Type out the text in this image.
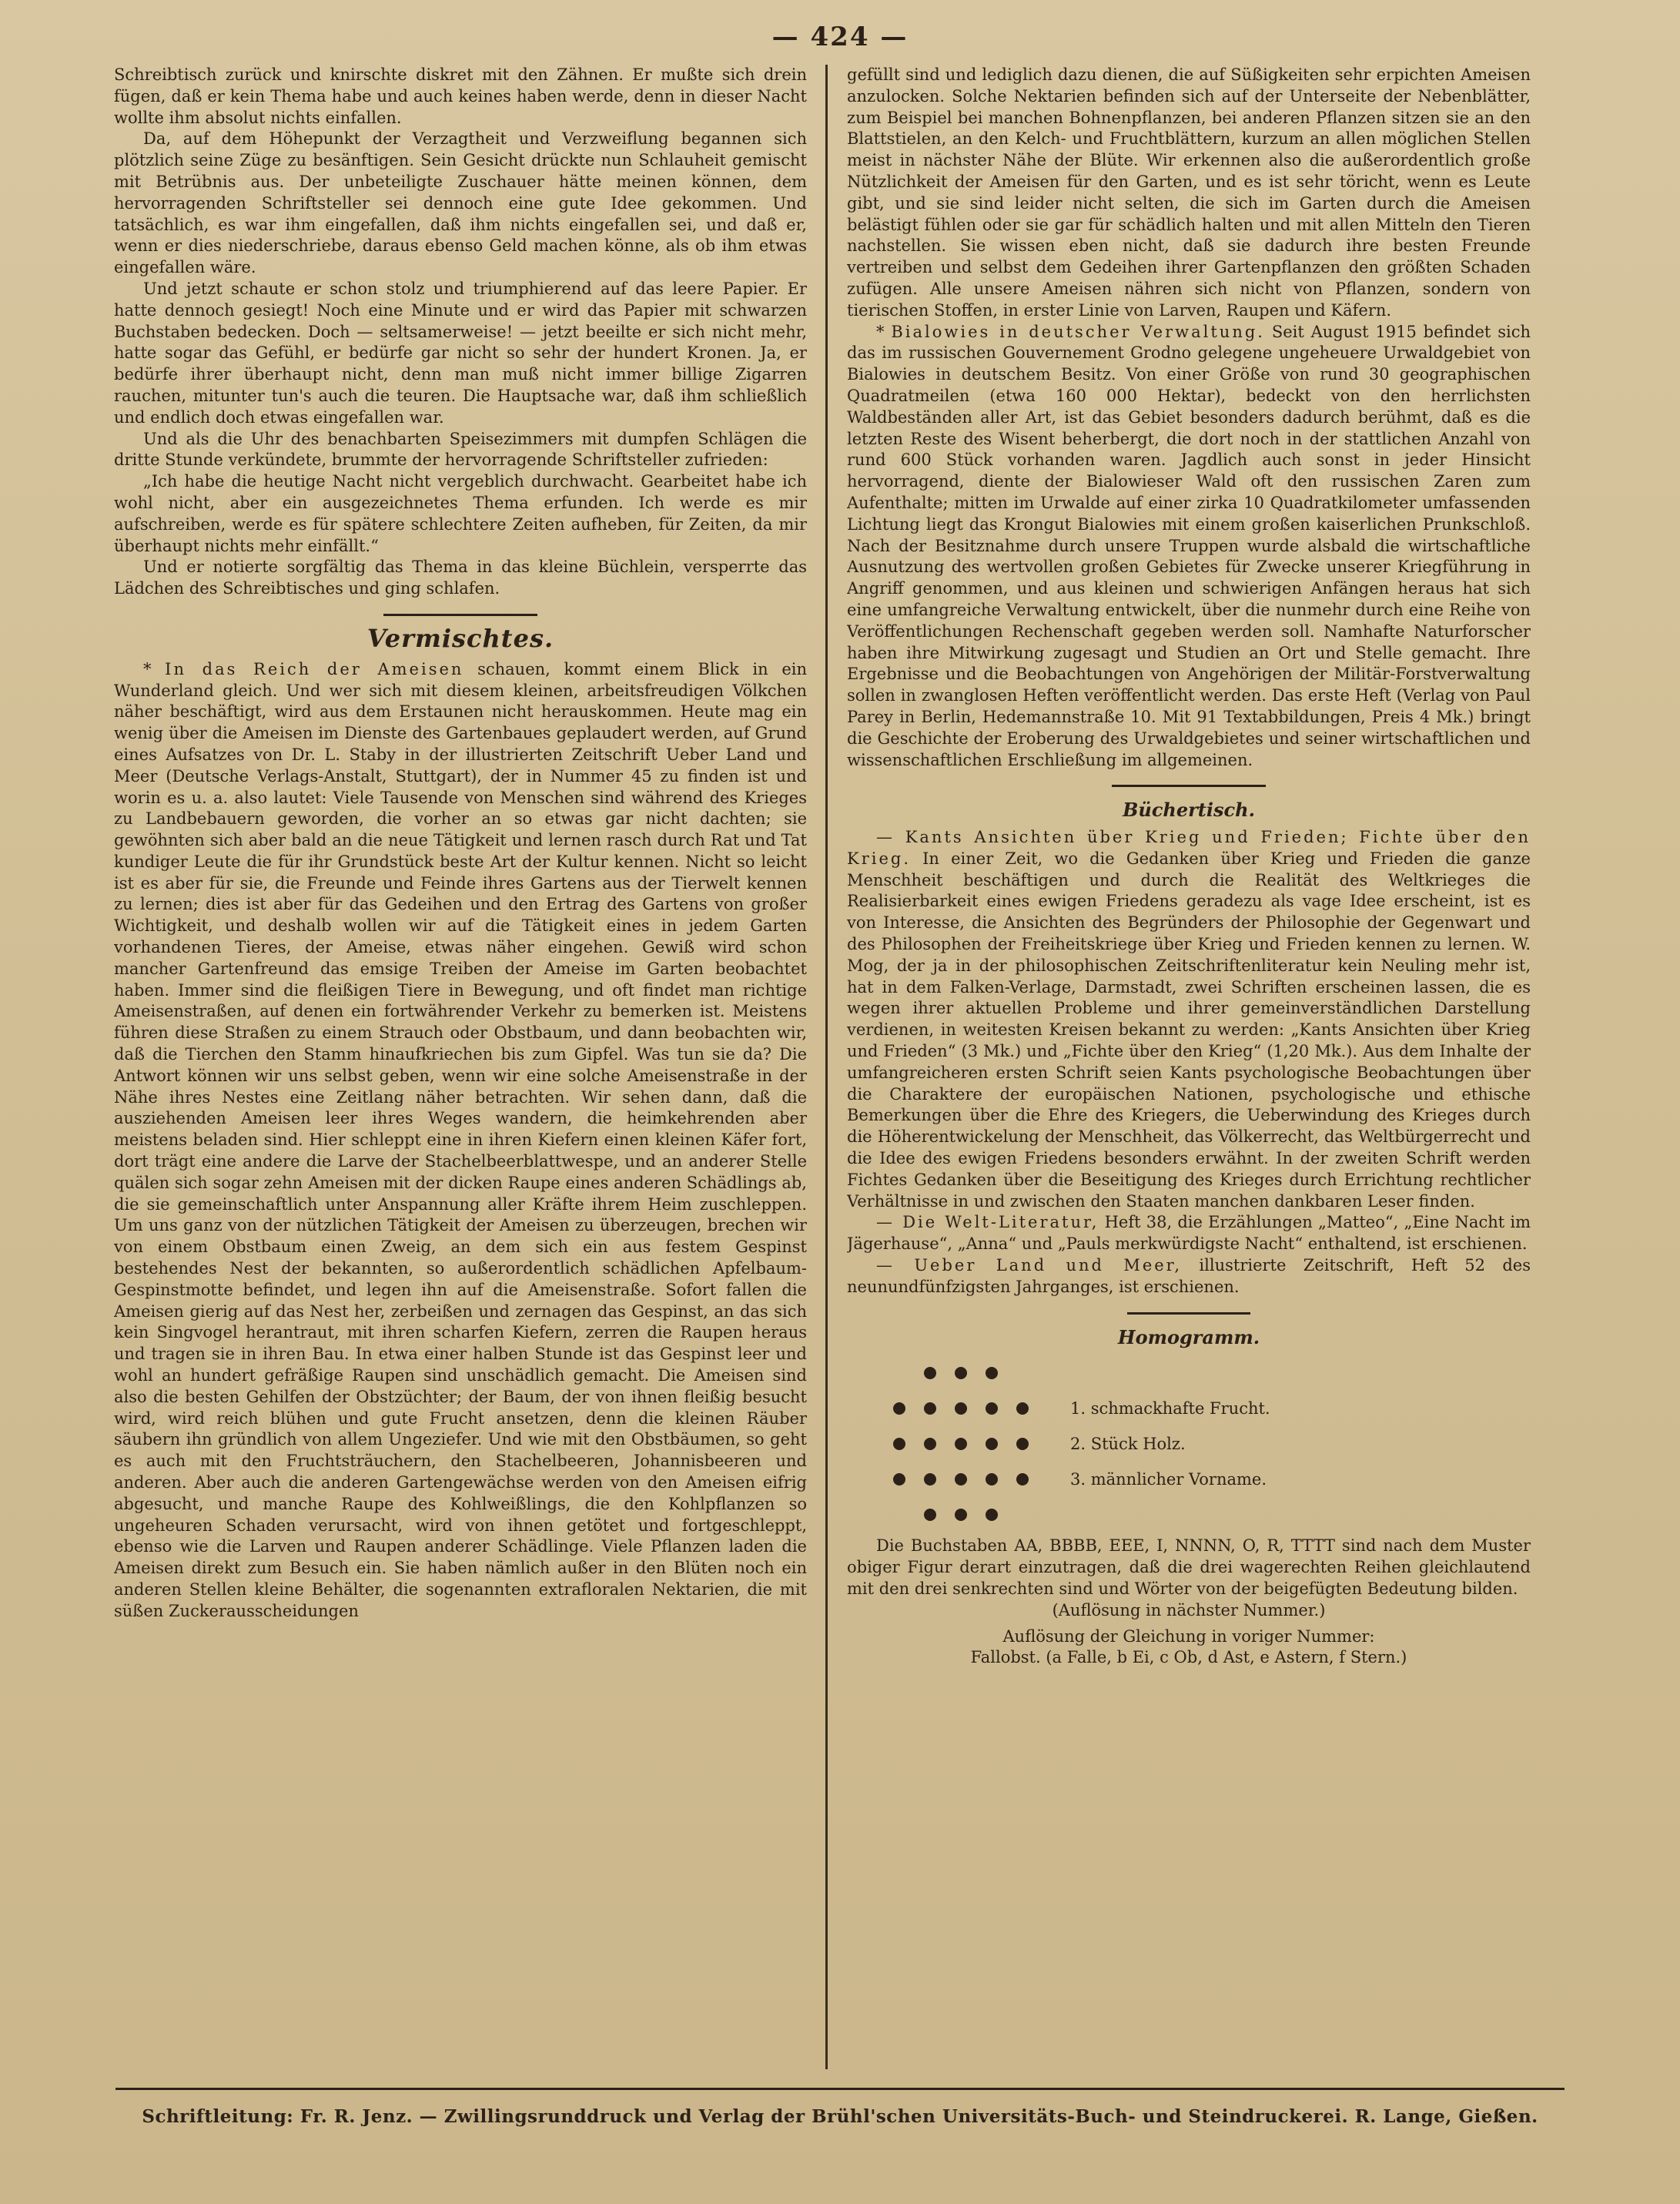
— 424 —

Schreibtisch zurück und knirschte diskret mit den Zähnen. Er mußte sich drein fügen, daß er kein Thema habe und auch keines haben werde, denn in dieser Nacht wollte ihm absolut nichts einfallen.

Da, auf dem Höhepunkt der Verzagtheit und Verzweiflung begannen sich plötzlich seine Züge zu besänftigen. Sein Gesicht drückte nun Schlauheit gemischt mit Betrübnis aus. Der unbeteiligte Zuschauer hätte meinen können, dem hervorragenden Schriftsteller sei dennoch eine gute Idee gekommen. Und tatsächlich, es war ihm eingefallen, daß ihm nichts eingefallen sei, und daß er, wenn er dies niederschriebe, daraus ebenso Geld machen könne, als ob ihm etwas eingefallen wäre.

Und jetzt schaute er schon stolz und triumphierend auf das leere Papier. Er hatte dennoch gesiegt! Noch eine Minute und er wird das Papier mit schwarzen Buchstaben bedecken. Doch — seltsamerweise! — jetzt beeilte er sich nicht mehr, hatte sogar das Gefühl, er bedürfe gar nicht so sehr der hundert Kronen. Ja, er bedürfe ihrer überhaupt nicht, denn man muß nicht immer billige Zigarren rauchen, mitunter tun's auch die teuren. Die Hauptsache war, daß ihm schließlich und endlich doch etwas eingefallen war.

Und als die Uhr des benachbarten Speisezimmers mit dumpfen Schlägen die dritte Stunde verkündete, brummte der hervorragende Schriftsteller zufrieden:

„Ich habe die heutige Nacht nicht vergeblich durchwacht. Gearbeitet habe ich wohl nicht, aber ein ausgezeichnetes Thema erfunden. Ich werde es mir aufschreiben, werde es für spätere schlechtere Zeiten aufheben, für Zeiten, da mir überhaupt nichts mehr einfällt.“

Und er notierte sorgfältig das Thema in das kleine Büchlein, versperrte das Lädchen des Schreibtisches und ging schlafen.

Vermischtes.

* In das Reich der Ameisen schauen, kommt einem Blick in ein Wunderland gleich. Und wer sich mit diesem kleinen, arbeitsfreudigen Völkchen näher beschäftigt, wird aus dem Erstaunen nicht herauskommen. Heute mag ein wenig über die Ameisen im Dienste des Gartenbaues geplaudert werden, auf Grund eines Aufsatzes von Dr. L. Staby in der illustrierten Zeitschrift Ueber Land und Meer (Deutsche Verlags-Anstalt, Stuttgart), der in Nummer 45 zu finden ist und worin es u. a. also lautet: Viele Tausende von Menschen sind während des Krieges zu Landbebauern geworden, die vorher an so etwas gar nicht dachten; sie gewöhnten sich aber bald an die neue Tätigkeit und lernen rasch durch Rat und Tat kundiger Leute die für ihr Grundstück beste Art der Kultur kennen. Nicht so leicht ist es aber für sie, die Freunde und Feinde ihres Gartens aus der Tierwelt kennen zu lernen; dies ist aber für das Gedeihen und den Ertrag des Gartens von großer Wichtigkeit, und deshalb wollen wir auf die Tätigkeit eines in jedem Garten vorhandenen Tieres, der Ameise, etwas näher eingehen. Gewiß wird schon mancher Gartenfreund das emsige Treiben der Ameise im Garten beobachtet haben. Immer sind die fleißigen Tiere in Bewegung, und oft findet man richtige Ameisenstraßen, auf denen ein fortwährender Verkehr zu bemerken ist. Meistens führen diese Straßen zu einem Strauch oder Obstbaum, und dann beobachten wir, daß die Tierchen den Stamm hinaufkriechen bis zum Gipfel. Was tun sie da? Die Antwort können wir uns selbst geben, wenn wir eine solche Ameisenstraße in der Nähe ihres Nestes eine Zeitlang näher betrachten. Wir sehen dann, daß die ausziehenden Ameisen leer ihres Weges wandern, die heimkehrenden aber meistens beladen sind. Hier schleppt eine in ihren Kiefern einen kleinen Käfer fort, dort trägt eine andere die Larve der Stachelbeerblattwespe, und an anderer Stelle quälen sich sogar zehn Ameisen mit der dicken Raupe eines anderen Schädlings ab, die sie gemeinschaftlich unter Anspannung aller Kräfte ihrem Heim zuschleppen. Um uns ganz von der nützlichen Tätigkeit der Ameisen zu überzeugen, brechen wir von einem Obstbaum einen Zweig, an dem sich ein aus festem Gespinst bestehendes Nest der bekannten, so außerordentlich schädlichen Apfelbaum-Gespinstmotte befindet, und legen ihn auf die Ameisenstraße. Sofort fallen die Ameisen gierig auf das Nest her, zerbeißen und zernagen das Gespinst, an das sich kein Singvogel herantraut, mit ihren scharfen Kiefern, zerren die Raupen heraus und tragen sie in ihren Bau. In etwa einer halben Stunde ist das Gespinst leer und wohl an hundert gefräßige Raupen sind unschädlich gemacht. Die Ameisen sind also die besten Gehilfen der Obstzüchter; der Baum, der von ihnen fleißig besucht wird, wird reich blühen und gute Frucht ansetzen, denn die kleinen Räuber säubern ihn gründlich von allem Ungeziefer. Und wie mit den Obstbäumen, so geht es auch mit den Fruchtsträuchern, den Stachelbeeren, Johannisbeeren und anderen. Aber auch die anderen Gartengewächse werden von den Ameisen eifrig abgesucht, und manche Raupe des Kohlweißlings, die den Kohlpflanzen so ungeheuren Schaden verursacht, wird von ihnen getötet und fortgeschleppt, ebenso wie die Larven und Raupen anderer Schädlinge. Viele Pflanzen laden die Ameisen direkt zum Besuch ein. Sie haben nämlich außer in den Blüten noch ein anderen Stellen kleine Behälter, die sogenannten extrafloralen Nektarien, die mit süßen Zuckerausscheidungen

gefüllt sind und lediglich dazu dienen, die auf Süßigkeiten sehr erpichten Ameisen anzulocken. Solche Nektarien befinden sich auf der Unterseite der Nebenblätter, zum Beispiel bei manchen Bohnenpflanzen, bei anderen Pflanzen sitzen sie an den Blattstielen, an den Kelch- und Fruchtblättern, kurzum an allen möglichen Stellen meist in nächster Nähe der Blüte. Wir erkennen also die außerordentlich große Nützlichkeit der Ameisen für den Garten, und es ist sehr töricht, wenn es Leute gibt, und sie sind leider nicht selten, die sich im Garten durch die Ameisen belästigt fühlen oder sie gar für schädlich halten und mit allen Mitteln den Tieren nachstellen. Sie wissen eben nicht, daß sie dadurch ihre besten Freunde vertreiben und selbst dem Gedeihen ihrer Gartenpflanzen den größten Schaden zufügen. Alle unsere Ameisen nähren sich nicht von Pflanzen, sondern von tierischen Stoffen, in erster Linie von Larven, Raupen und Käfern.

* Bialowies in deutscher Verwaltung. Seit August 1915 befindet sich das im russischen Gouvernement Grodno gelegene ungeheuere Urwaldgebiet von Bialowies in deutschem Besitz. Von einer Größe von rund 30 geographischen Quadratmeilen (etwa 160 000 Hektar), bedeckt von den herrlichsten Waldbeständen aller Art, ist das Gebiet besonders dadurch berühmt, daß es die letzten Reste des Wisent beherbergt, die dort noch in der stattlichen Anzahl von rund 600 Stück vorhanden waren. Jagdlich auch sonst in jeder Hinsicht hervorragend, diente der Bialowieser Wald oft den russischen Zaren zum Aufenthalte; mitten im Urwalde auf einer zirka 10 Quadratkilometer umfassenden Lichtung liegt das Krongut Bialowies mit einem großen kaiserlichen Prunkschloß. Nach der Besitznahme durch unsere Truppen wurde alsbald die wirtschaftliche Ausnutzung des wertvollen großen Gebietes für Zwecke unserer Kriegführung in Angriff genommen, und aus kleinen und schwierigen Anfängen heraus hat sich eine umfangreiche Verwaltung entwickelt, über die nunmehr durch eine Reihe von Veröffentlichungen Rechenschaft gegeben werden soll. Namhafte Naturforscher haben ihre Mitwirkung zugesagt und Studien an Ort und Stelle gemacht. Ihre Ergebnisse und die Beobachtungen von Angehörigen der Militär-Forstverwaltung sollen in zwanglosen Heften veröffentlicht werden. Das erste Heft (Verlag von Paul Parey in Berlin, Hedemannstraße 10. Mit 91 Textabbildungen, Preis 4 Mk.) bringt die Geschichte der Eroberung des Urwaldgebietes und seiner wirtschaftlichen und wissenschaftlichen Erschließung im allgemeinen.

Büchertisch.

— Kants Ansichten über Krieg und Frieden; Fichte über den Krieg. In einer Zeit, wo die Gedanken über Krieg und Frieden die ganze Menschheit beschäftigen und durch die Realität des Weltkrieges die Realisierbarkeit eines ewigen Friedens geradezu als vage Idee erscheint, ist es von Interesse, die Ansichten des Begründers der Philosophie der Gegenwart und des Philosophen der Freiheitskriege über Krieg und Frieden kennen zu lernen. W. Mog, der ja in der philosophischen Zeitschriftenliteratur kein Neuling mehr ist, hat in dem Falken-Verlage, Darmstadt, zwei Schriften erscheinen lassen, die es wegen ihrer aktuellen Probleme und ihrer gemeinverständlichen Darstellung verdienen, in weitesten Kreisen bekannt zu werden: „Kants Ansichten über Krieg und Frieden“ (3 Mk.) und „Fichte über den Krieg“ (1,20 Mk.). Aus dem Inhalte der umfangreicheren ersten Schrift seien Kants psychologische Beobachtungen über die Charaktere der europäischen Nationen, psychologische und ethische Bemerkungen über die Ehre des Kriegers, die Ueberwindung des Krieges durch die Höherentwickelung der Menschheit, das Völkerrecht, das Weltbürgerrecht und die Idee des ewigen Friedens besonders erwähnt. In der zweiten Schrift werden Fichtes Gedanken über die Beseitigung des Krieges durch Errichtung rechtlicher Verhältnisse in und zwischen den Staaten manchen dankbaren Leser finden.

— Die Welt-Literatur, Heft 38, die Erzählungen „Matteo“, „Eine Nacht im Jägerhause“, „Anna“ und „Pauls merkwürdigste Nacht“ enthaltend, ist erschienen.

— Ueber Land und Meer, illustrierte Zeitschrift, Heft 52 des neunundfünfzigsten Jahrganges, ist erschienen.

Homogramm.
1. schmackhafte Frucht.
2. Stück Holz.
3. männlicher Vorname.

Die Buchstaben AA, BBBB, EEE, I, NNNN, O, R, TTTT sind nach dem Muster obiger Figur derart einzutragen, daß die drei wagerechten Reihen gleichlautend mit den drei senkrechten sind und Wörter von der beigefügten Bedeutung bilden.

(Auflösung in nächster Nummer.)

Auflösung der Gleichung in voriger Nummer:

Fallobst. (a Falle, b Ei, c Ob, d Ast, e Astern, f Stern.)

Schriftleitung: Fr. R. Jenz. — Zwillingsrunddruck und Verlag der Brühl'schen Universitäts-Buch- und Steindruckerei. R. Lange, Gießen.
